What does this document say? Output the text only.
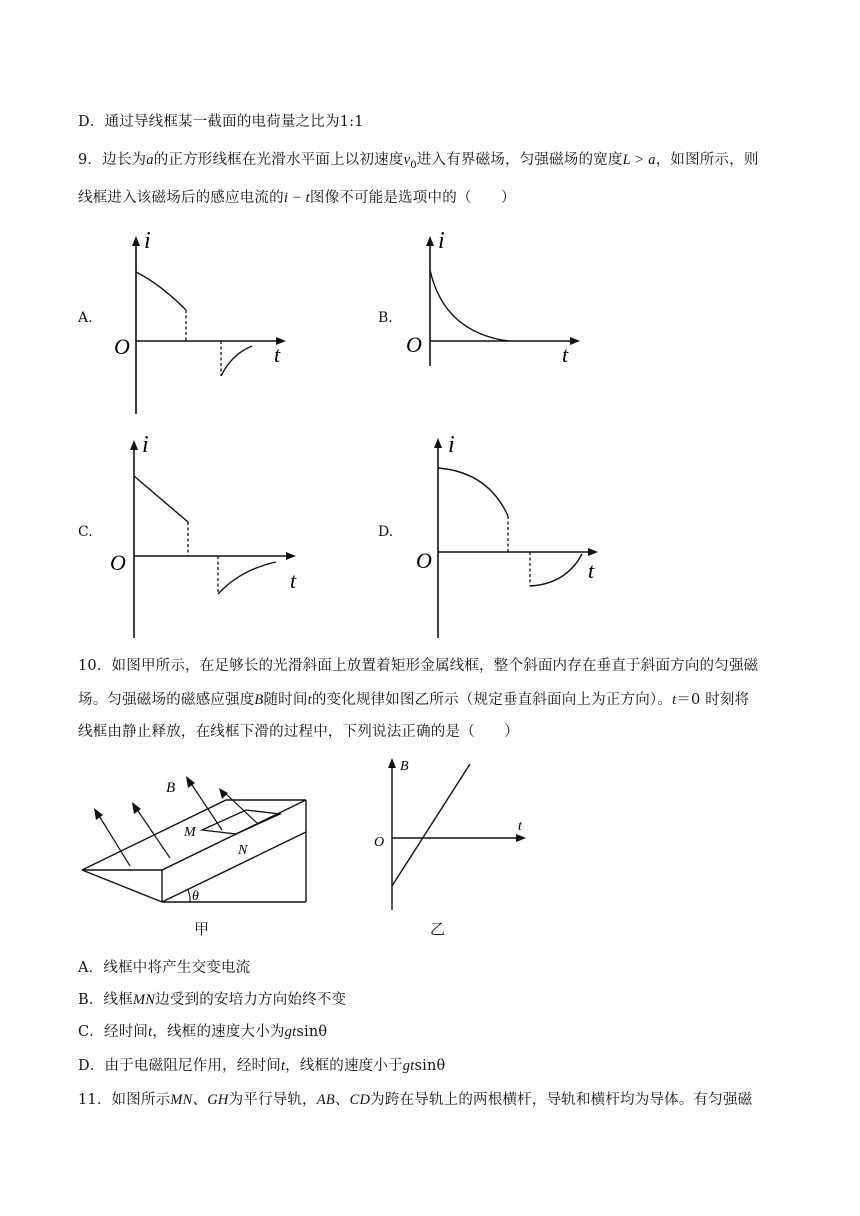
D．通过导线框某一截面的电荷量之比为1:1
9．边长为a的正方形线框在光滑水平面上以初速度$v_0$进入有界磁场，匀强磁场的宽度L > a，如图所示，则
线框进入该磁场后的感应电流的i − t图像不可能是选项中的（　　）
A.	B.
C.	D.
i
O	t
i
O	t
i
O
t
i
O	t
10．如图甲所示，在足够长的光滑斜面上放置着矩形金属线框，整个斜面内存在垂直于斜面方向的匀强磁
场。匀强磁场的磁感应强度B随时间t的变化规律如图乙所示（规定垂直斜面向上为正方向）。t＝0 时刻将
线框由静止释放，在线框下滑的过程中，下列说法正确的是（　　）
θ
M
N
B
甲
B
O
t
乙
A．线框中将产生交变电流
B．线框MN边受到的安培力方向始终不变
C．经时间t，线框的速度大小为gtsinθ
D．由于电磁阻尼作用，经时间t，线框的速度小于gtsinθ
11．如图所示MN、GH为平行导轨，AB、CD为跨在导轨上的两根横杆，导轨和横杆均为导体。有匀强磁
